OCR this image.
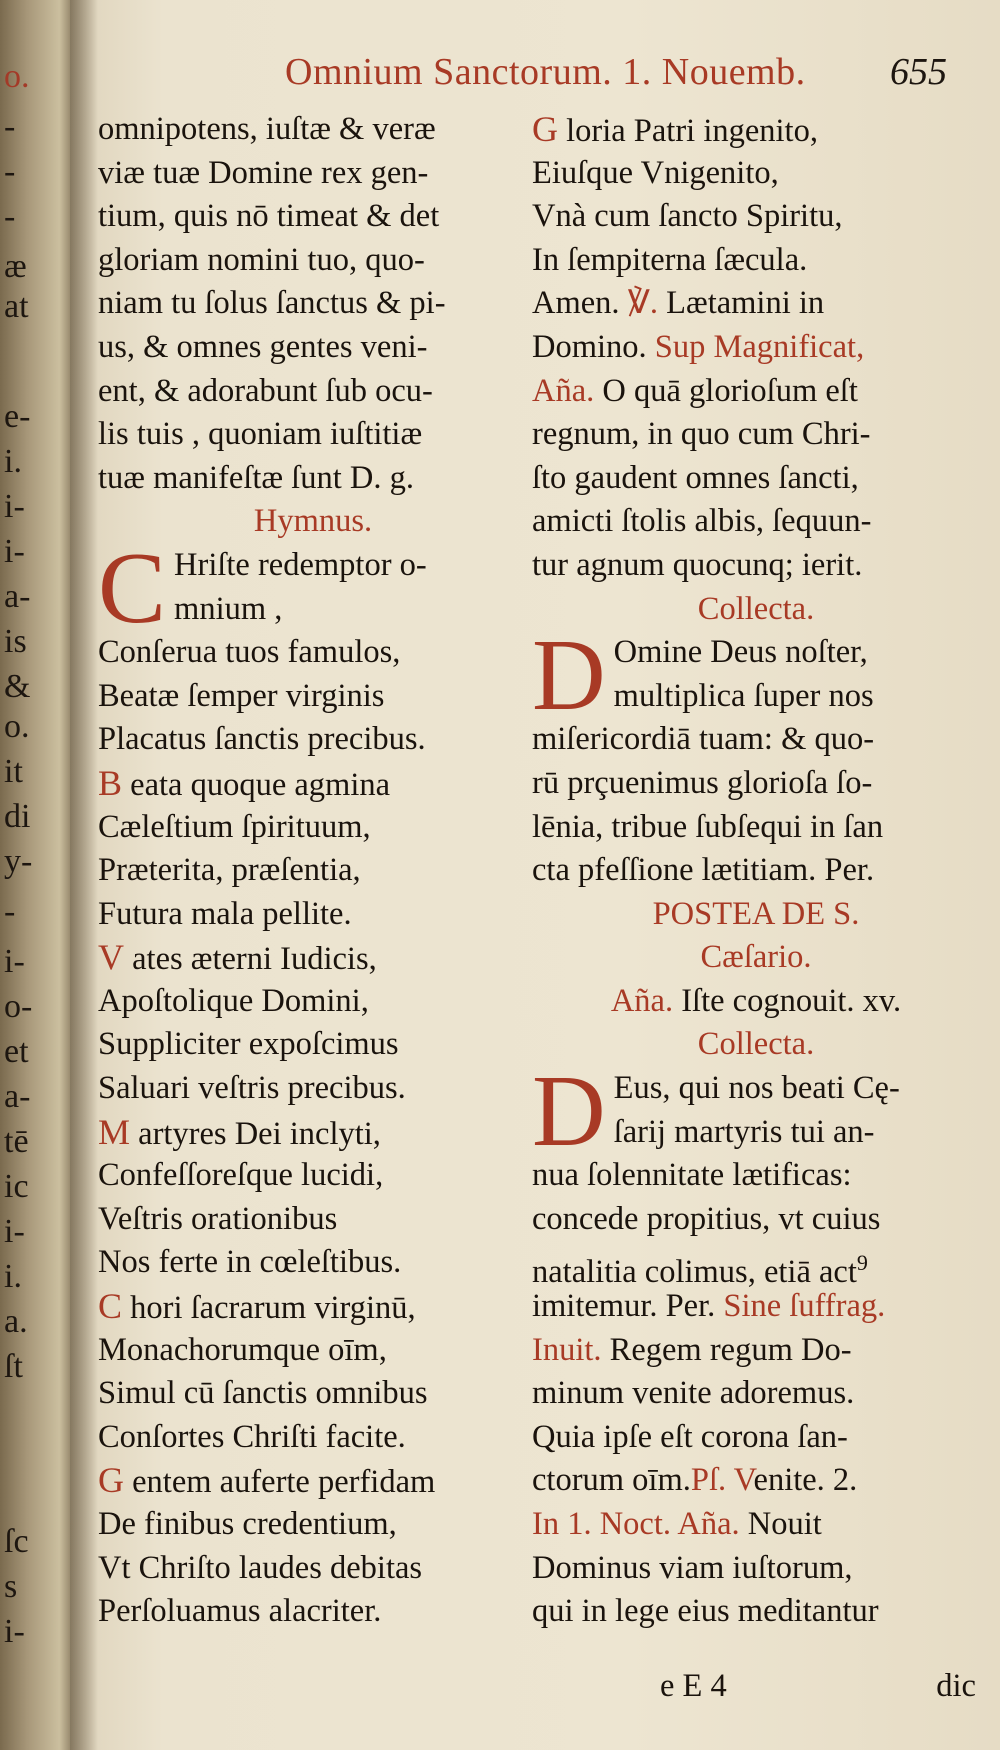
o.
-
-
-
æ
at
e-
i.
i-
i-
a-
is
&
o.
it
di
y-
-
i-
o-
et
a-
tē
ic
i-
i.
a.
ſt
ſc
s
i-
Omnium Sanctorum. 1. Nouemb. 655
omnipotens, iuſtæ & veræ
viæ tuæ Domine rex gen-
tium, quis nō timeat & det
gloriam nomini tuo, quo-
niam tu ſolus ſanctus & pi-
us, & omnes gentes veni-
ent, & adorabunt ſub ocu-
lis tuis , quoniam iuſtitiæ
tuæ manifeſtæ ſunt D. g.
Hymnus.
C Hriſte redemptor o-
mnium ,
Conſerua tuos famulos,
Beatæ ſemper virginis
Placatus ſanctis precibus.
B eata quoque agmina
Cæleſtium ſpirituum,
Præterita, præſentia,
Futura mala pellite.
V ates æterni Iudicis,
Apoſtolique Domini,
Suppliciter expoſcimus
Saluari veſtris precibus.
M artyres Dei inclyti,
Confeſſoreſque lucidi,
Veſtris orationibus
Nos ferte in cœleſtibus.
C hori ſacrarum virginū,
Monachorumque oīm,
Simul cū ſanctis omnibus
Conſortes Chriſti facite.
G entem auferte perfidam
De finibus credentium,
Vt Chriſto laudes debitas
Perſoluamus alacriter.
G loria Patri ingenito,
Eiuſque Vnigenito,
Vnà cum ſancto Spiritu,
In ſempiterna ſæcula.
Amen. ℣. Lætamini in
Domino. Sup Magnificat,
Aña. O quā glorioſum eſt
regnum, in quo cum Chri-
ſto gaudent omnes ſancti,
amicti ſtolis albis, ſequun-
tur agnum quocunq; ierit.
Collecta.
D Omine Deus noſter,
multiplica ſuper nos
miſericordiā tuam: & quo-
rū prçuenimus glorioſa ſo-
lēnia, tribue ſubſequi in ſan
cta pfeſſione lætitiam. Per.
POSTEA DE S.
Cæſario.
Aña. Iſte cognouit. xv.
Collecta.
D Eus, qui nos beati Cę-
ſarij martyris tui an-
nua ſolennitate lætificas:
concede propitius, vt cuius
natalitia colimus, etiā act$^9$
imitemur. Per. Sine ſuffrag.
Inuit. Regem regum Do-
minum venite adoremus.
Quia ipſe eſt corona ſan-
ctorum oīm.Pſ. Venite. 2.
In 1. Noct. Aña. Nouit
Dominus viam iuſtorum,
qui in lege eius meditantur
e E 4	dic
